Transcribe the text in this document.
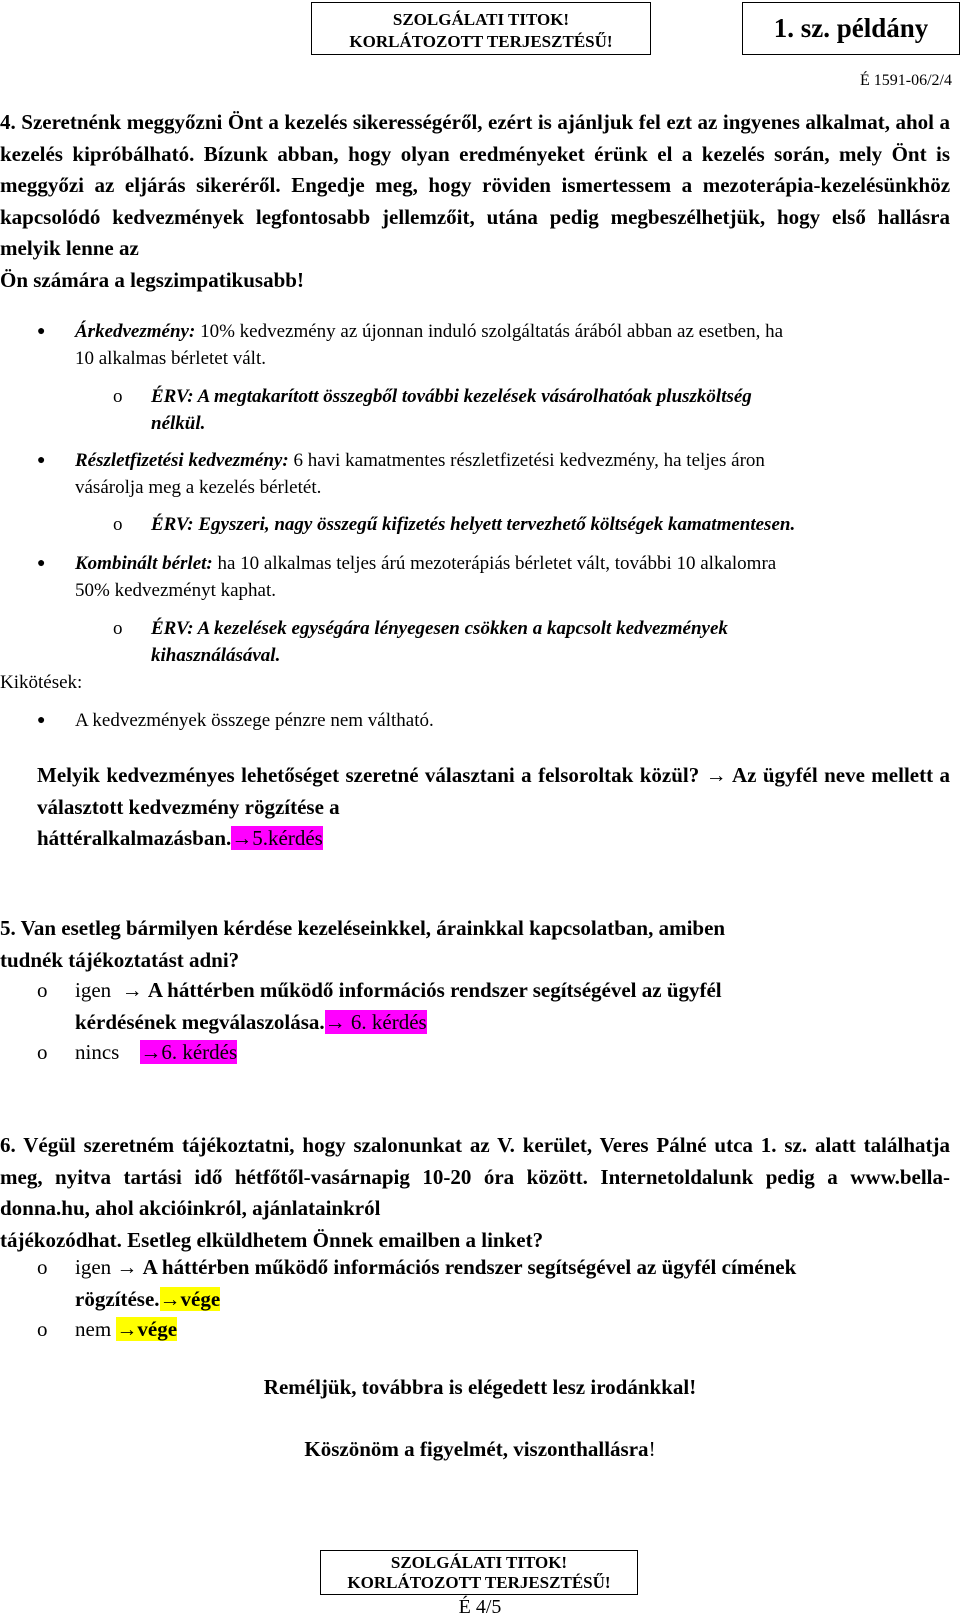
SZOLGÁLATI TITOK!
KORLÁTOZOTT TERJESZTÉSŰ!	1. sz. példány
É 1591-06/2/4
4. Szeretnénk meggyőzni Önt a kezelés sikerességéről, ezért is ajánljuk fel ezt az ingyenes alkalmat, ahol a kezelés kipróbálható. Bízunk abban, hogy olyan eredményeket érünk el a kezelés során, mely Önt is meggyőzi az eljárás sikeréről. Engedje meg, hogy röviden ismertessem a mezoterápia-kezelésünkhöz kapcsolódó kedvezmények legfontosabb jellemzőit, utána pedig megbeszélhetjük, hogy első hallásra melyik lenne az
Ön számára a legszimpatikusabb!
● Árkedvezmény: 10% kedvezmény az újonnan induló szolgáltatás árából abban az esetben, ha
10 alkalmas bérletet vált.
o ÉRV: A megtakarított összegből további kezelések vásárolhatóak pluszköltség
nélkül.
● Részletfizetési kedvezmény: 6 havi kamatmentes részletfizetési kedvezmény, ha teljes áron
vásárolja meg a kezelés bérletét.
o ÉRV: Egyszeri, nagy összegű kifizetés helyett tervezhető költségek kamatmentesen.
● Kombinált bérlet: ha 10 alkalmas teljes árú mezoterápiás bérletet vált, további 10 alkalomra
50% kedvezményt kaphat.
o ÉRV: A kezelések egységára lényegesen csökken a kapcsolt kedvezmények
kihasználásával.
Kikötések:
● A kedvezmények összege pénzre nem váltható.
Melyik kedvezményes lehetőséget szeretné választani a felsoroltak közül? → Az ügyfél neve mellett a választott kedvezmény rögzítése a
háttéralkalmazásban.→5.kérdés
5. Van esetleg bármilyen kérdése kezeléseinkkel, árainkkal kapcsolatban, amiben
tudnék tájékoztatást adni?
o igen → A háttérben működő információs rendszer segítségével az ügyfél
kérdésének megválaszolása.→ 6. kérdés
o nincs →6. kérdés
6. Végül szeretném tájékoztatni, hogy szalonunkat az V. kerület, Veres Pálné utca 1. sz. alatt találhatja meg, nyitva tartási idő hétfőtől-vasárnapig 10-20 óra között. Internetoldalunk pedig a www.bella-donna.hu, ahol akcióinkról, ajánlatainkról
tájékozódhat. Esetleg elküldhetem Önnek emailben a linket?
o igen → A háttérben működő információs rendszer segítségével az ügyfél címének
rögzítése.→vége
o nem →vége
Reméljük, továbbra is elégedett lesz irodánkkal!
Köszönöm a figyelmét, viszonthallásra!
SZOLGÁLATI TITOK!
KORLÁTOZOTT TERJESZTÉSŰ!
É 4/5
